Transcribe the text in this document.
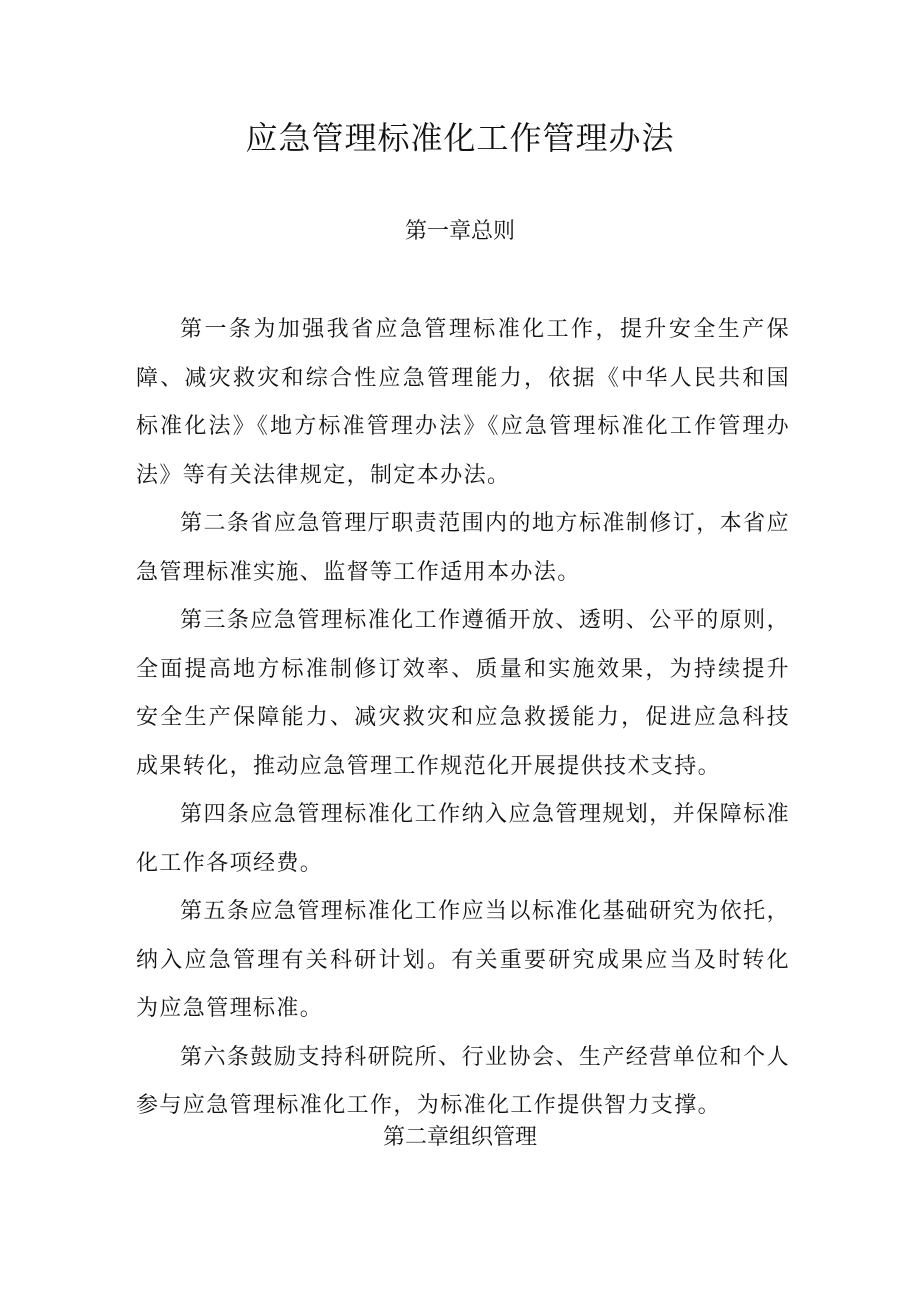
应急管理标准化工作管理办法
第一章总则

第一条为加强我省应急管理标准化工作，提升安全生产保障、减灾救灾和综合性应急管理能力，依据《中华人民共和国标准化法》《地方标准管理办法》《应急管理标准化工作管理办法》等有关法律规定，制定本办法。

第二条省应急管理厅职责范围内的地方标准制修订，本省应急管理标准实施、监督等工作适用本办法。

第三条应急管理标准化工作遵循开放、透明、公平的原则，全面提高地方标准制修订效率、质量和实施效果，为持续提升安全生产保障能力、减灾救灾和应急救援能力，促进应急科技成果转化，推动应急管理工作规范化开展提供技术支持。

第四条应急管理标准化工作纳入应急管理规划，并保障标准化工作各项经费。

第五条应急管理标准化工作应当以标准化基础研究为依托，纳入应急管理有关科研计划。有关重要研究成果应当及时转化为应急管理标准。

第六条鼓励支持科研院所、行业协会、生产经营单位和个人参与应急管理标准化工作，为标准化工作提供智力支撑。

第二章组织管理
